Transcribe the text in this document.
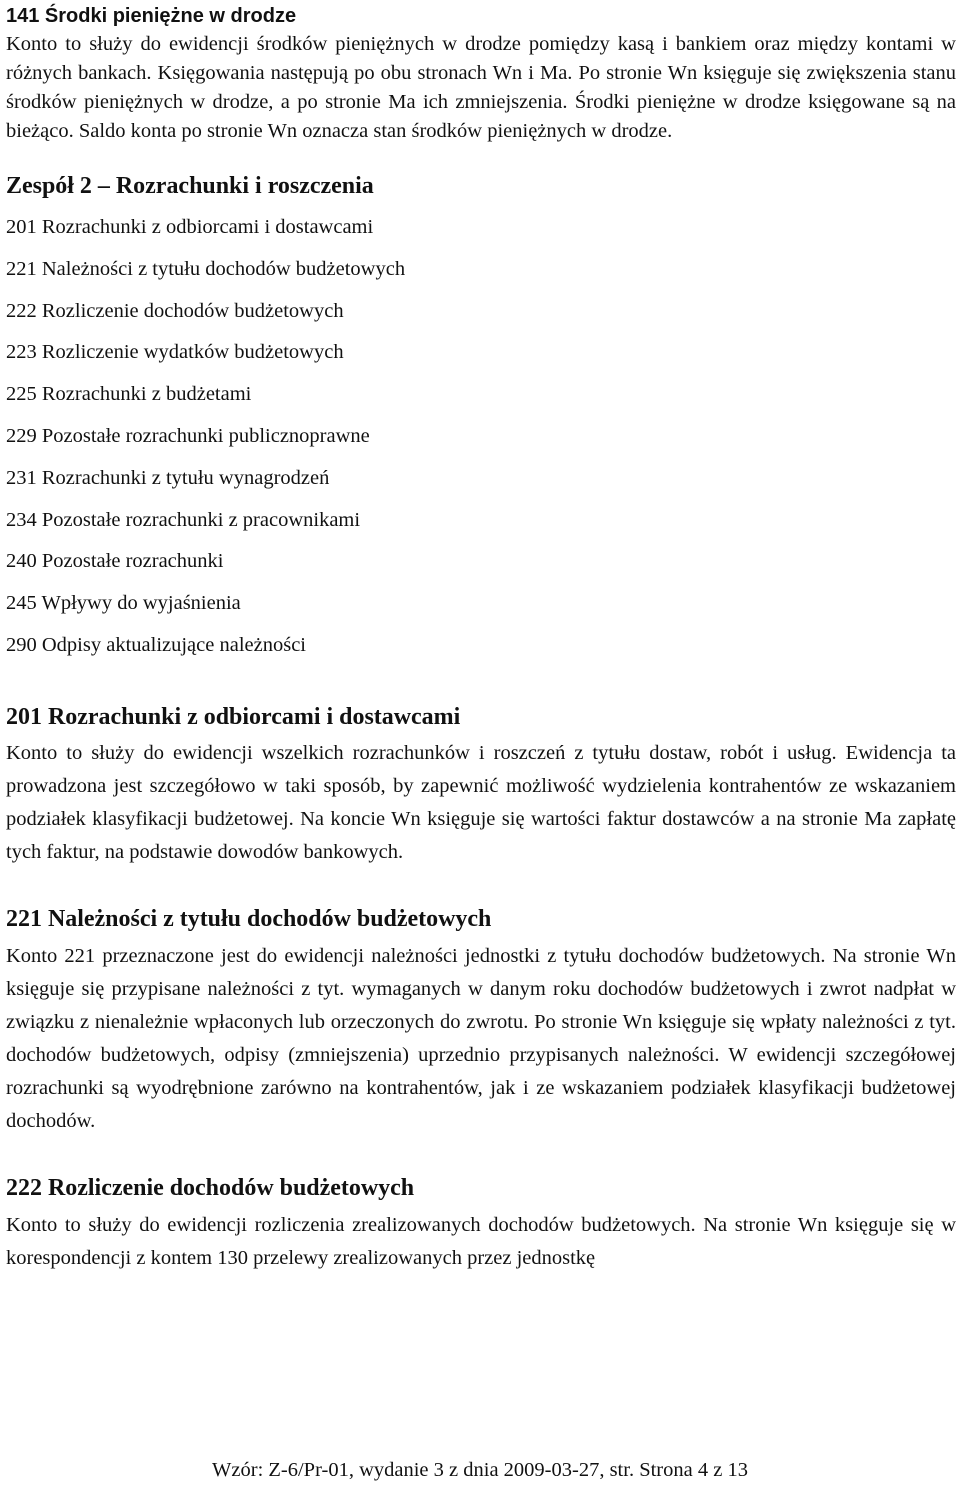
141 Środki pieniężne w drodze

Konto to służy do ewidencji środków pieniężnych w drodze pomiędzy kasą i bankiem oraz między kontami w różnych bankach. Księgowania następują po obu stronach Wn i Ma. Po stronie Wn księguje się zwiększenia stanu środków pieniężnych w drodze, a po stronie Ma ich zmniejszenia. Środki pieniężne w drodze księgowane są na bieżąco. Saldo konta po stronie Wn oznacza stan środków pieniężnych w drodze.

Zespół 2 – Rozrachunki i roszczenia
201 Rozrachunki z odbiorcami i dostawcami
221 Należności z tytułu dochodów budżetowych
222 Rozliczenie dochodów budżetowych
223 Rozliczenie wydatków budżetowych
225 Rozrachunki z budżetami
229 Pozostałe rozrachunki publicznoprawne
231 Rozrachunki z tytułu wynagrodzeń
234 Pozostałe rozrachunki z pracownikami
240 Pozostałe rozrachunki
245 Wpływy do wyjaśnienia
290 Odpisy aktualizujące należności
201 Rozrachunki z odbiorcami i dostawcami

Konto to służy do ewidencji wszelkich rozrachunków i roszczeń z tytułu dostaw, robót i usług. Ewidencja ta prowadzona jest szczegółowo w taki sposób, by zapewnić możliwość wydzielenia kontrahentów ze wskazaniem podziałek klasyfikacji budżetowej. Na koncie Wn księguje się wartości faktur dostawców a na stronie Ma zapłatę tych faktur, na podstawie dowodów bankowych.

221 Należności z tytułu dochodów budżetowych

Konto 221 przeznaczone jest do ewidencji należności jednostki z tytułu dochodów budżetowych. Na stronie Wn księguje się przypisane należności z tyt. wymaganych w danym roku dochodów budżetowych i zwrot nadpłat w związku z nienależnie wpłaconych lub orzeczonych do zwrotu. Po stronie Wn księguje się wpłaty należności z tyt. dochodów budżetowych, odpisy (zmniejszenia) uprzednio przypisanych należności. W ewidencji szczegółowej rozrachunki są wyodrębnione zarówno na kontrahentów, jak i ze wskazaniem podziałek klasyfikacji budżetowej dochodów.

222 Rozliczenie dochodów budżetowych

Konto to służy do ewidencji rozliczenia zrealizowanych dochodów budżetowych. Na stronie Wn księguje się w korespondencji z kontem 130 przelewy zrealizowanych przez jednostkę

Wzór: Z-6/Pr-01, wydanie 3 z dnia 2009-03-27, str. Strona 4 z 13
